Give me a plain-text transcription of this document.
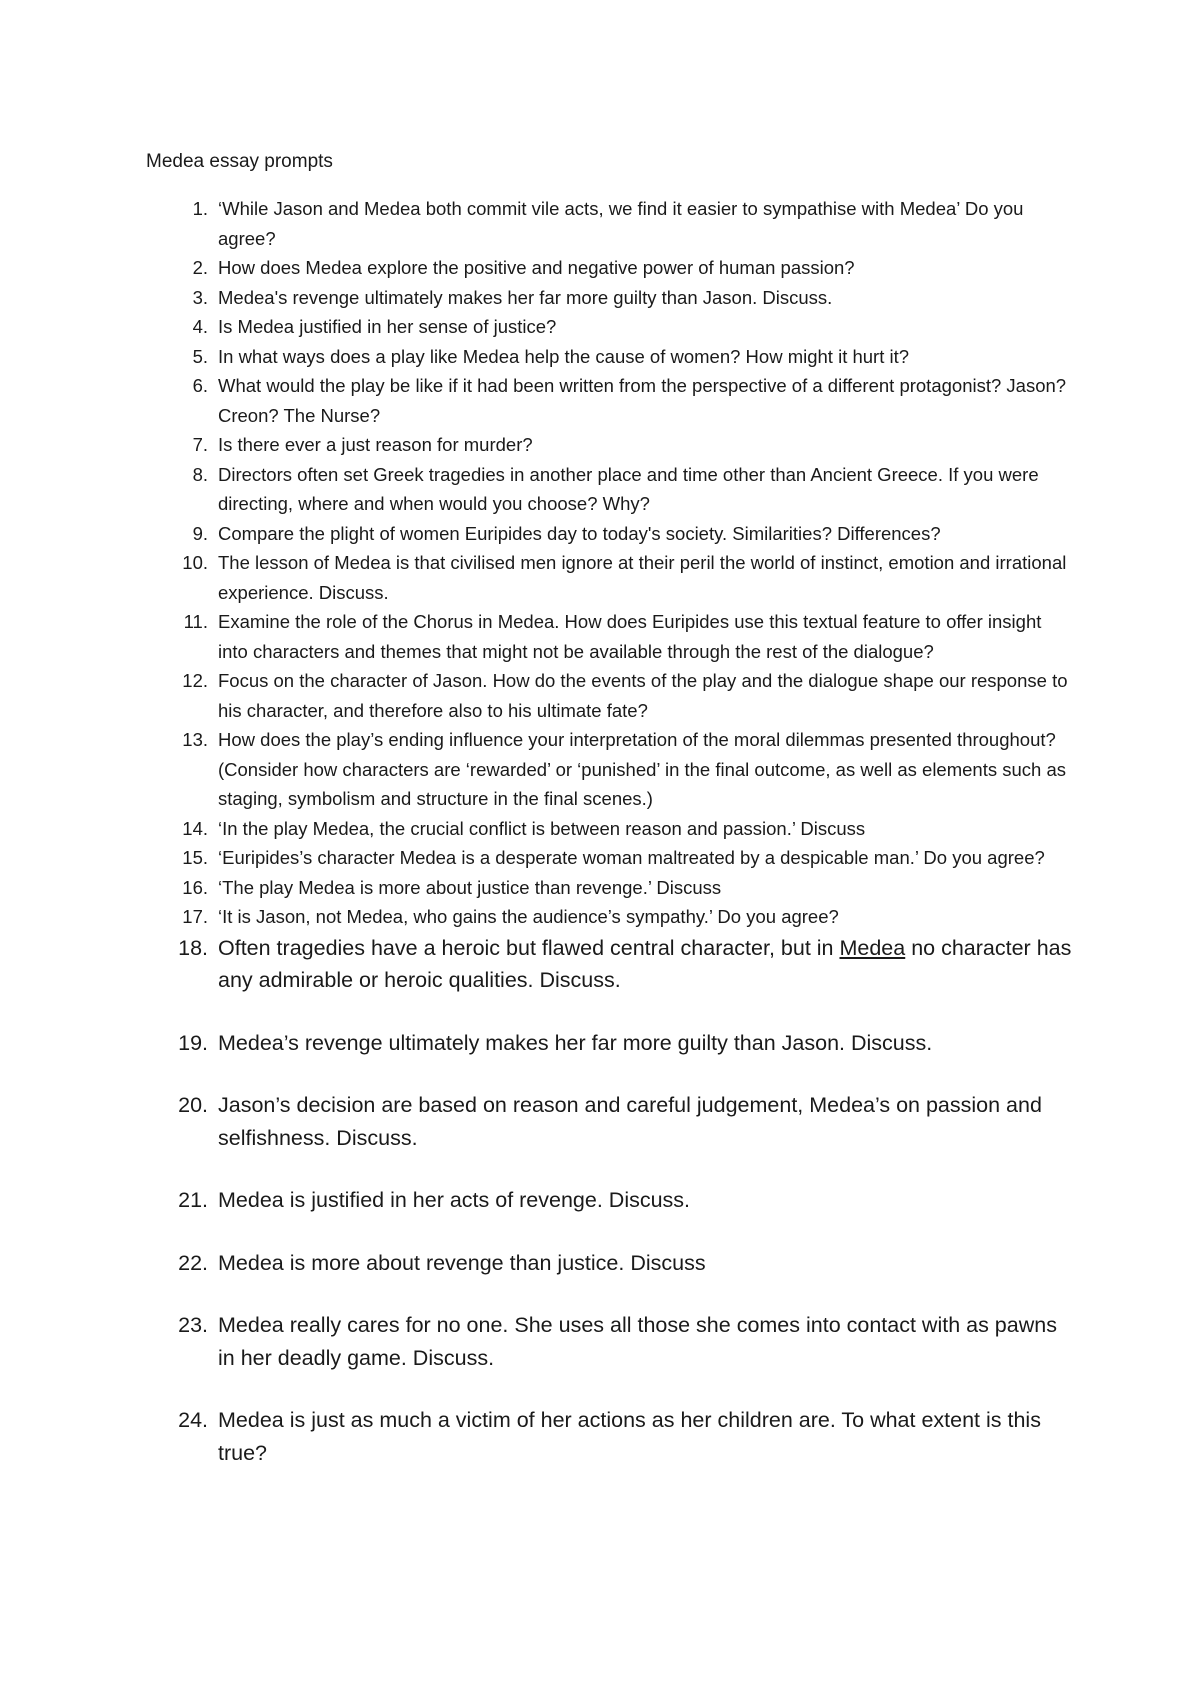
Medea essay prompts
1. ‘While Jason and Medea both commit vile acts, we find it easier to sympathise with Medea’ Do you agree?
2. How does Medea explore the positive and negative power of human passion?
3. Medea's revenge ultimately makes her far more guilty than Jason. Discuss.
4. Is Medea justified in her sense of justice?
5. In what ways does a play like Medea help the cause of women? How might it hurt it?
6. What would the play be like if it had been written from the perspective of a different protagonist? Jason? Creon? The Nurse?
7. Is there ever a just reason for murder?
8. Directors often set Greek tragedies in another place and time other than Ancient Greece. If you were directing, where and when would you choose? Why?
9. Compare the plight of women Euripides day to today's society. Similarities? Differences?
10. The lesson of Medea is that civilised men ignore at their peril the world of instinct, emotion and irrational experience. Discuss.
11. Examine the role of the Chorus in Medea. How does Euripides use this textual feature to offer insight into characters and themes that might not be available through the rest of the dialogue?
12. Focus on the character of Jason. How do the events of the play and the dialogue shape our response to his character, and therefore also to his ultimate fate?
13. How does the play’s ending influence your interpretation of the moral dilemmas presented throughout? (Consider how characters are ‘rewarded’ or ‘punished’ in the final outcome, as well as elements such as staging, symbolism and structure in the final scenes.)
14. ‘In the play Medea, the crucial conflict is between reason and passion.’ Discuss
15. ‘Euripides’s character Medea is a desperate woman maltreated by a despicable man.’ Do you agree?
16. ‘The play Medea is more about justice than revenge.’ Discuss
17. ‘It is Jason, not Medea, who gains the audience’s sympathy.’ Do you agree?
18. Often tragedies have a heroic but flawed central character, but in Medea no character has any admirable or heroic qualities. Discuss.
19. Medea’s revenge ultimately makes her far more guilty than Jason. Discuss.
20. Jason’s decision are based on reason and careful judgement, Medea’s on passion and selfishness. Discuss.
21. Medea is justified in her acts of revenge. Discuss.
22. Medea is more about revenge than justice. Discuss
23. Medea really cares for no one. She uses all those she comes into contact with as pawns in her deadly game. Discuss.
24. Medea is just as much a victim of her actions as her children are. To what extent is this true?
